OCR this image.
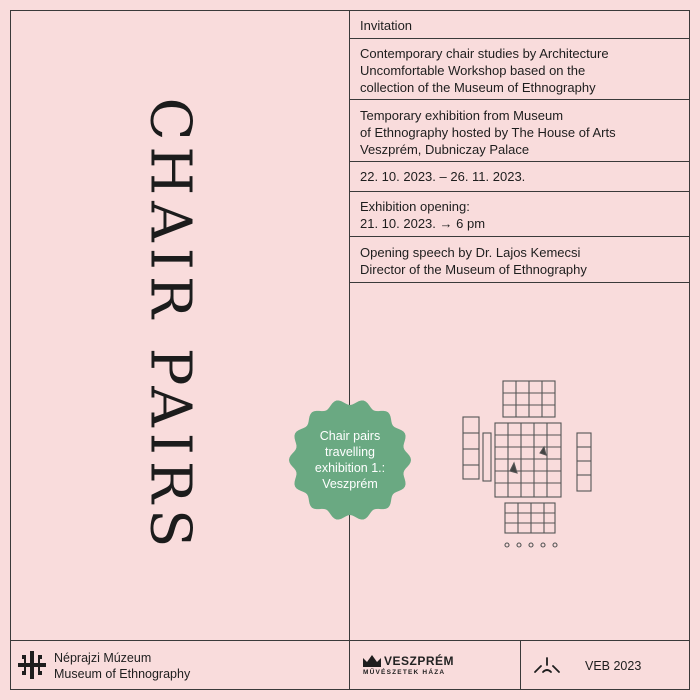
Invitation
Contemporary chair studies by Architecture
Uncomfortable Workshop based on the
collection of the Museum of Ethnography
Temporary exhibition from Museum
of Ethnography hosted by The House of Arts
Veszprém, Dubniczay Palace
22. 10. 2023. – 26. 11. 2023.
Exhibition opening:
21. 10. 2023. → 6 pm
Opening speech by Dr. Lajos Kemecsi
Director of the Museum of Ethnography
CHAIR PAIRS	Chair pairs
travelling
exhibition 1.:
Veszprém
Néprajzi Múzeum
Museum of Ethnography
VESZPRÉM
MŰVÉSZETEK HÁZA	VEB 2023
